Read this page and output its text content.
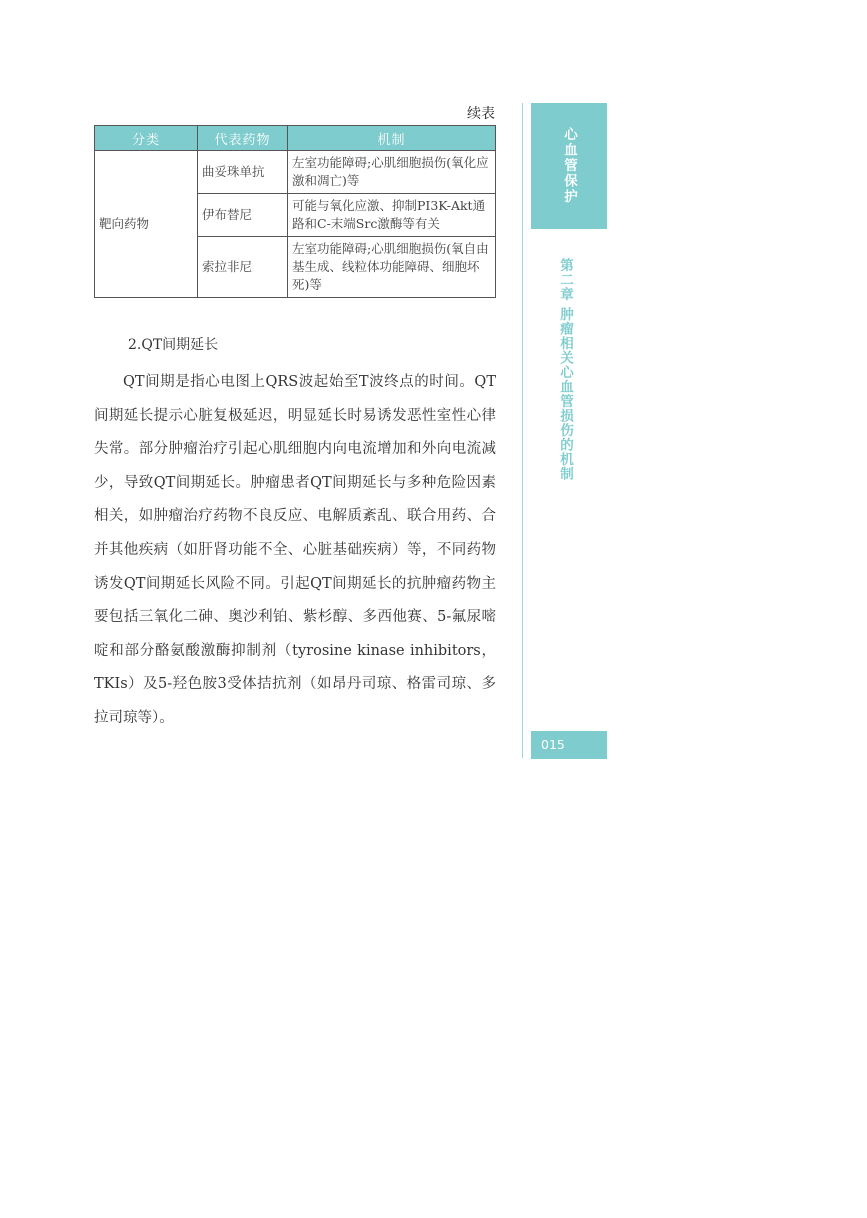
续表
分类	代表药物	机制
靶向药物	曲妥珠单抗	左室功能障碍;心肌细胞损伤(氧化应激和凋亡)等
	伊布替尼	可能与氧化应激、抑制PI3K-Akt通路和C-末端Src激酶等有关
	索拉非尼	左室功能障碍;心肌细胞损伤(氧自由基生成、线粒体功能障碍、细胞坏死)等
2.QT间期延长

QT间期是指心电图上QRS波起始至T波终点的时间。QT间期延长提示心脏复极延迟，明显延长时易诱发恶性室性心律失常。部分肿瘤治疗引起心肌细胞内向电流增加和外向电流减少，导致QT间期延长。肿瘤患者QT间期延长与多种危险因素相关，如肿瘤治疗药物不良反应、电解质紊乱、联合用药、合并其他疾病（如肝肾功能不全、心脏基础疾病）等，不同药物诱发QT间期延长风险不同。引起QT间期延长的抗肿瘤药物主要包括三氧化二砷、奥沙利铂、紫杉醇、多西他赛、5-氟尿嘧啶和部分酪氨酸激酶抑制剂（tyrosine kinase inhibitors，TKIs）及5-羟色胺3受体拮抗剂（如昂丹司琼、格雷司琼、多拉司琼等）。

心血管保护
第二章 肿瘤相关心血管损伤的机制
015
